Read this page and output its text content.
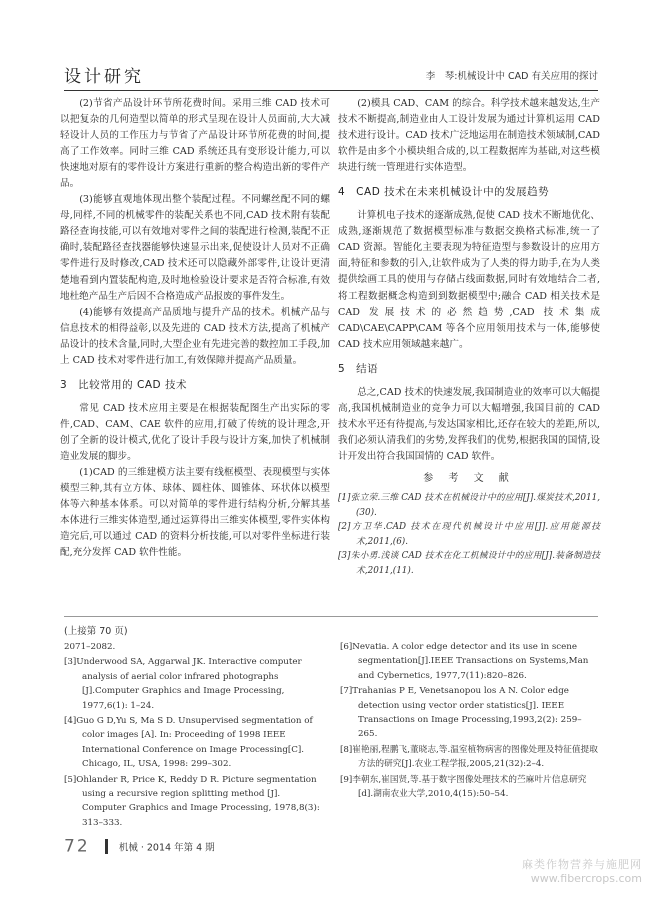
设计研究	李　琴:机械设计中 CAD 有关应用的探讨

(2)节省产品设计环节所花费时间。采用三维 CAD 技术可以把复杂的几何造型以简单的形式呈现在设计人员面前,大大减轻设计人员的工作压力与节省了产品设计环节所花费的时间,提高了工作效率。同时三维 CAD 系统还具有变形设计能力,可以快速地对原有的零件设计方案进行重新的整合构造出新的零件产品。

(3)能够直观地体现出整个装配过程。不同螺丝配不同的螺母,同样,不同的机械零件的装配关系也不同,CAD 技术附有装配路径查询技能,可以有效地对零件之间的装配进行检测,装配不正确时,装配路径查找器能够快速显示出来,促使设计人员对不正确零件进行及时修改,CAD 技术还可以隐藏外部零件,让设计更清楚地看到内置装配构造,及时地检验设计要求是否符合标准,有效地杜绝产品生产后因不合格造成产品报废的事件发生。

(4)能够有效提高产品质地与提升产品的技术。机械产品与信息技术的相得益彰,以及先进的 CAD 技术方法,提高了机械产品设计的技术含量,同时,大型企业有先进完善的数控加工手段,加上 CAD 技术对零件进行加工,有效保障并提高产品质量。

3　比较常用的 CAD 技术

常见 CAD 技术应用主要是在根据装配图生产出实际的零件,CAD、CAM、CAE 软件的应用,打破了传统的设计理念,开创了全新的设计模式,优化了设计手段与设计方案,加快了机械制造业发展的脚步。

(1)CAD 的三维建模方法主要有线框模型、表现模型与实体模型三种,其有立方体、球体、圆柱体、圆锥体、环状体以模型体等六种基本体系。可以对简单的零件进行结构分析,分解其基本体进行三维实体造型,通过运算得出三维实体模型,零件实体构造完后,可以通过 CAD 的资料分析技能,可以对零件坐标进行装配,充分发挥 CAD 软件性能。

(2)模具 CAD、CAM 的综合。科学技术越来越发达,生产技术不断提高,制造业由人工设计发展为通过计算机运用 CAD 技术进行设计。CAD 技术广泛地运用在制造技术领域制,CAD 软件是由多个小模块组合成的,以工程数据库为基础,对这些模块进行统一管理进行实体造型。

4　CAD 技术在未来机械设计中的发展趋势

计算机电子技术的逐渐成熟,促使 CAD 技术不断地优化、成熟,逐渐规范了数据模型标准与数据交换格式标准,统一了 CAD 资源。智能化主要表现为特征造型与参数设计的应用方面,特征和参数的引入,让软件成为了人类的得力助手,在为人类提供绘画工具的使用与存储占线面数据,同时有效地结合二者,将工程数据概念构造到到数据模型中;融合 CAD 相关技术是 CAD 发展技术的必然趋势,CAD 技术集成 CAD\CAE\CAPP\CAM 等各个应用领用技术与一体,能够使 CAD 技术应用领域越来越广。

5　结语

总之,CAD 技术的快速发展,我国制造业的效率可以大幅提高,我国机械制造业的竞争力可以大幅增强,我国目前的 CAD 技术水平还有待提高,与发达国家相比,还存在较大的差距,所以,我们必须认清我们的劣势,发挥我们的优势,根据我国的国情,设计开发出符合我国国情的 CAD 软件。

参 考 文 献
[1]张立荣.三维 CAD 技术在机械设计中的应用[J].煤炭技术,2011,(30).
[2]方卫华.CAD 技术在现代机械设计中应用[J].应用能源技术,2011,(6).
[3]朱小勇.浅谈 CAD 技术在化工机械设计中的应用[J].装备制造技术,2011,(11).
(上接第 70 页)
2071–2082.
[3]Underwood SA, Aggarwal JK. Interactive computer analysis of aerial color infrared photographs [J].Computer Graphics and Image Processing, 1977,6(1): 1–24.
[4]Guo G D,Yu S, Ma S D. Unsupervised segmentation of color images [A]. In: Proceeding of 1998 IEEE International Conference on Image Processing[C]. Chicago, IL, USA, 1998: 299–302.
[5]Ohlander R, Price K, Reddy D R. Picture segmentation using a recursive region splitting method [J]. Computer Graphics and Image Processing, 1978,8(3): 313–333.
[6]Nevatia. A color edge detector and its use in scene segmentation[J].IEEE Transactions on Systems,Man and Cybernetics, 1977,7(11):820–826.
[7]Trahanias P E, Venetsanopou los A N. Color edge detection using vector order statistics[J]. IEEE Transactions on Image Processing,1993,2(2): 259–265.
[8]崔艳丽,程鹏飞,董晓志,等.温室植物病害的图像处理及特征值提取方法的研究[J].农业工程学报,2005,21(32):2–4.
[9]李朝东,崔国贤,等.基于数字图像处理技术的苎麻叶片信息研究[d].湖南农业大学,2010,4(15):50–54.
72	机械 · 2014 年第 4 期
麻类作物营养与施肥网
www.fibercrops.com
